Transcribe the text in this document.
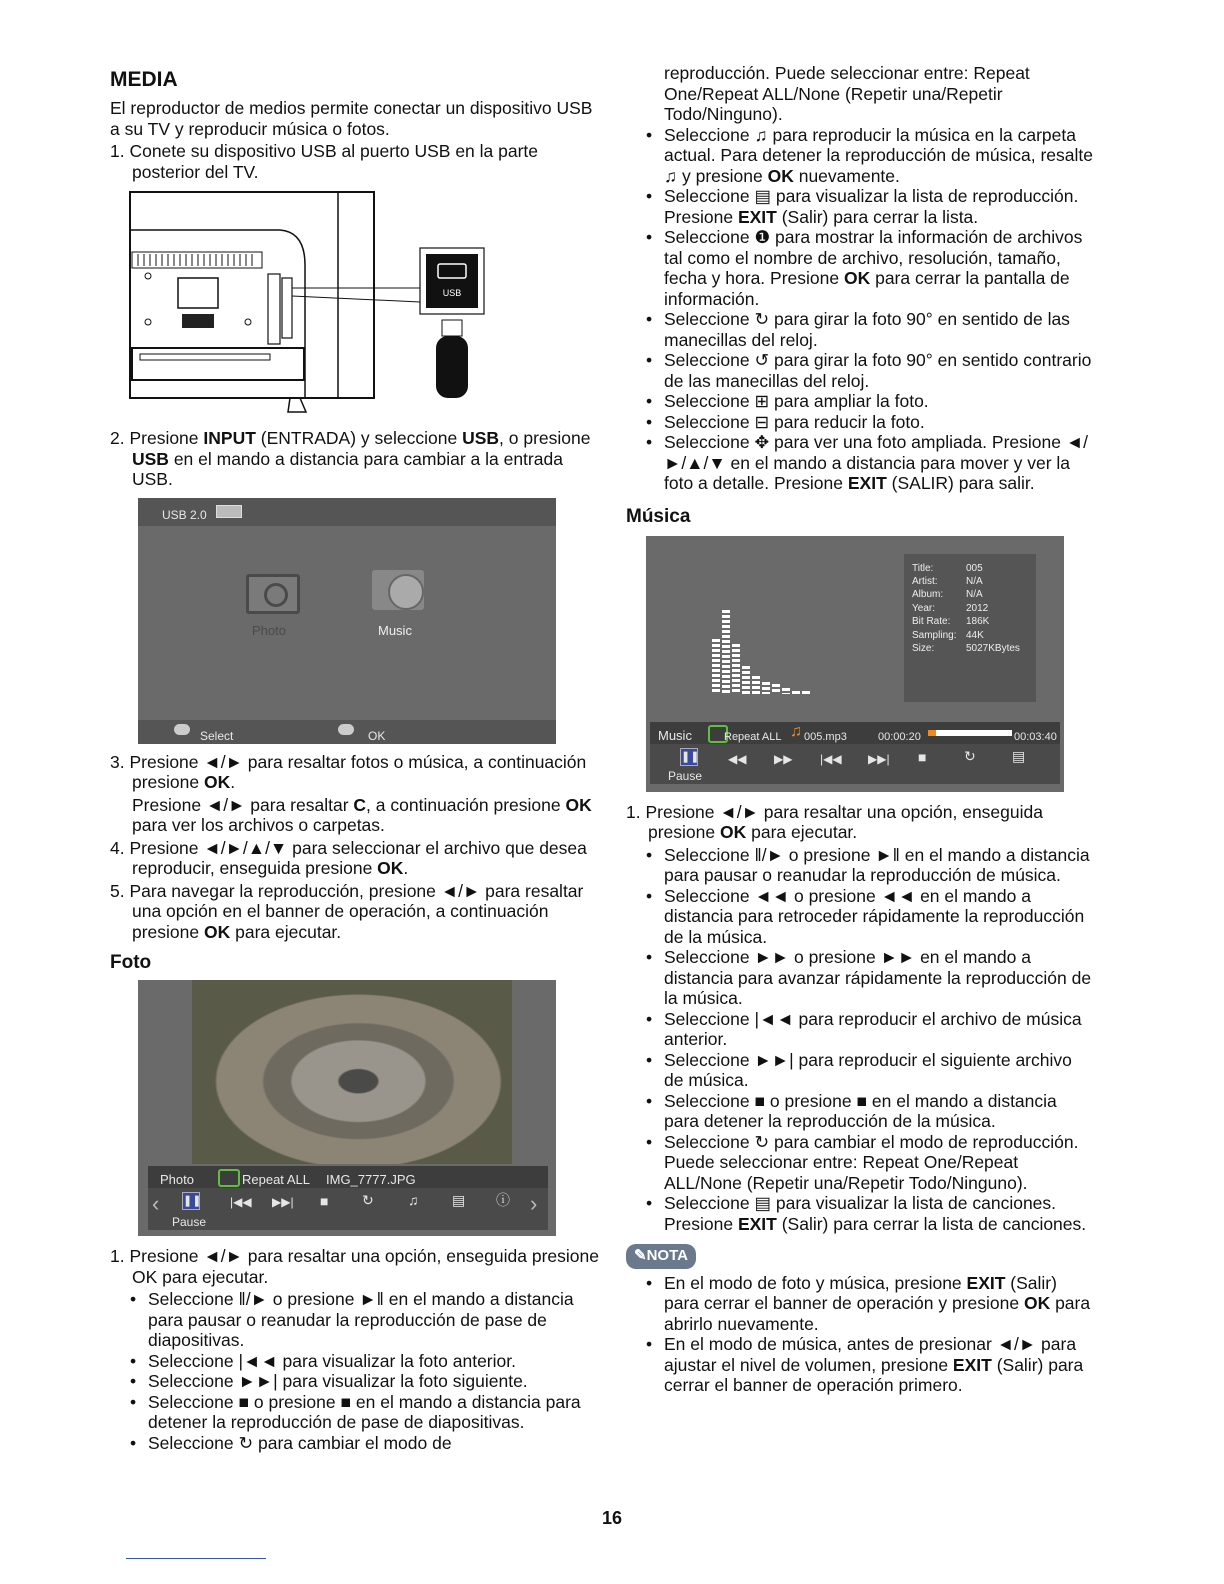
MEDIA

El reproductor de medios permite conectar un dispositivo USB a su TV y reproducir música o fotos.

1. Conete su dispositivo USB al puerto USB en la parte posterior del TV.

USB

2. Presione INPUT (ENTRADA) y seleccione USB, o presione USB en el mando a distancia para cambiar a la entrada USB.

USB 2.0
Photo	Music
Select	OK

3. Presione ◄/► para resaltar fotos o música, a continuación presione OK.

Presione ◄/► para resaltar C, a continuación presione OK para ver los archivos o carpetas.

4. Presione ◄/►/▲/▼ para seleccionar el archivo que desea reproducir, enseguida presione OK.

5. Para navegar la reproducción, presione ◄/► para resaltar una opción en el banner de operación, a continuación presione OK para ejecutar.

Foto
Photo	Repeat ALL IMG_7777.JPG
‹ ❚❚ |◀◀ ▶▶| ■ ↻ ♫ ▤ ⓘ ›
Pause

1. Presione ◄/► para resaltar una opción, enseguida presione OK para ejecutar.

• Seleccione ǁ/► o presione ►ǁ en el mando a distancia para pausar o reanudar la reproducción de pase de diapositivas.
• Seleccione |◄◄ para visualizar la foto anterior.
• Seleccione ►►| para visualizar la foto siguiente.
• Seleccione ■ o presione ■ en el mando a distancia para detener la reproducción de pase de diapositivas.
• Seleccione ↻ para cambiar el modo de

reproducción. Puede seleccionar entre: Repeat One/Repeat ALL/None (Repetir una/Repetir Todo/Ninguno).

• Seleccione ♫ para reproducir la música en la carpeta actual. Para detener la reproducción de música, resalte ♫ y presione OK nuevamente.
• Seleccione ▤ para visualizar la lista de reproducción. Presione EXIT (Salir) para cerrar la lista.
• Seleccione ❶ para mostrar la información de archivos tal como el nombre de archivo, resolución, tamaño, fecha y hora. Presione OK para cerrar la pantalla de información.
• Seleccione ↻ para girar la foto 90° en sentido de las manecillas del reloj.
• Seleccione ↺ para girar la foto 90° en sentido contrario de las manecillas del reloj.
• Seleccione ⊞ para ampliar la foto.
• Seleccione ⊟ para reducir la foto.
• Seleccione ✥ para ver una foto ampliada. Presione ◄/►/▲/▼ en el mando a distancia para mover y ver la foto a detalle. Presione EXIT (SALIR) para salir.
Música
Title:	005
Artist:	N/A
Album: N/A
Year:	2012
Bit Rate: 186K
Sampling: 44K
Size:	5027KBytes
Music	Repeat ALL ♫ 005.mp3	00:00:20	00:03:40
❚❚ ◀◀ ▶▶ |◀◀ ▶▶| ■	↻	▤
Pause

1. Presione ◄/► para resaltar una opción, enseguida presione OK para ejecutar.

• Seleccione ǁ/► o presione ►ǁ en el mando a distancia para pausar o reanudar la reproducción de música.
• Seleccione ◄◄ o presione ◄◄ en el mando a distancia para retroceder rápidamente la reproducción de la música.
• Seleccione ►► o presione ►► en el mando a distancia para avanzar rápidamente la reproducción de la música.
• Seleccione |◄◄ para reproducir el archivo de música anterior.
• Seleccione ►►| para reproducir el siguiente archivo de música.
• Seleccione ■ o presione ■ en el mando a distancia para detener la reproducción de la música.
• Seleccione ↻ para cambiar el modo de reproducción. Puede seleccionar entre: Repeat One/Repeat ALL/None (Repetir una/Repetir Todo/Ninguno).
• Seleccione ▤ para visualizar la lista de canciones. Presione EXIT (Salir) para cerrar la lista de canciones.
✎NOTA
• En el modo de foto y música, presione EXIT (Salir) para cerrar el banner de operación y presione OK para abrirlo nuevamente.
• En el modo de música, antes de presionar ◄/► para ajustar el nivel de volumen, presione EXIT (Salir) para cerrar el banner de operación primero.
16
